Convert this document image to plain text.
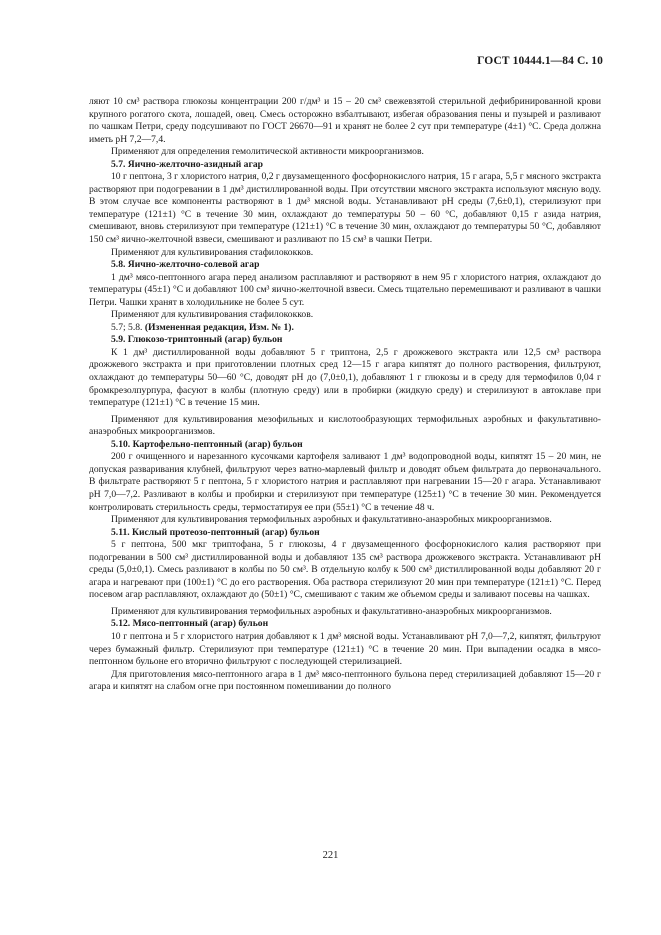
ГОСТ 10444.1—84 С. 10

ляют 10 см³ раствора глюкозы концентрации 200 г/дм³ и 15 – 20 см³ свежевзятой стерильной дефибринированной крови крупного рогатого скота, лошадей, овец. Смесь осторожно взбалтывают, избегая образования пены и пузырей и разливают по чашкам Петри, среду подсушивают по ГОСТ 26670—91 и хранят не более 2 сут при температуре (4±1) °С. Среда должна иметь рН 7,2—7,4.

Применяют для определения гемолитической активности микроорганизмов.

5.7. Яично-желточно-азидный агар

10 г пептона, 3 г хлористого натрия, 0,2 г двузамещенного фосфорнокислого натрия, 15 г агара, 5,5 г мясного экстракта растворяют при подогревании в 1 дм³ дистиллированной воды. При отсутствии мясного экстракта используют мясную воду. В этом случае все компоненты растворяют в 1 дм³ мясной воды. Устанавливают рН среды (7,6±0,1), стерилизуют при температуре (121±1) °С в течение 30 мин, охлаждают до температуры 50 – 60 °С, добавляют 0,15 г азида натрия, смешивают, вновь стерилизуют при температуре (121±1) °С в течение 30 мин, охлаждают до температуры 50 °С, добавляют 150 см³ яично-желточной взвеси, смешивают и разливают по 15 см³ в чашки Петри.

Применяют для культивирования стафилококков.

5.8. Яично-желточно-солевой агар

1 дм³ мясо-пептонного агара перед анализом расплавляют и растворяют в нем 95 г хлористого натрия, охлаждают до температуры (45±1) °С и добавляют 100 см³ яично-желточной взвеси. Смесь тщательно перемешивают и разливают в чашки Петри. Чашки хранят в холодильнике не более 5 сут.

Применяют для культивирования стафилококков.

5.7; 5.8. (Измененная редакция, Изм. № 1).

5.9. Глюкозо-триптонный (агар) бульон

К 1 дм³ дистиллированной воды добавляют 5 г триптона, 2,5 г дрожжевого экстракта или 12,5 см³ раствора дрожжевого экстракта и при приготовлении плотных сред 12—15 г агара кипятят до полного растворения, фильтруют, охлаждают до температуры 50—60 °С, доводят рН до (7,0±0,1), добавляют 1 г глюкозы и в среду для термофилов 0,04 г бромкрезолпурпура, фасуют в колбы (плотную среду) или в пробирки (жидкую среду) и стерилизуют в автоклаве при температуре (121±1) °С в течение 15 мин.

Применяют для культивирования мезофильных и кислотообразующих термофильных аэробных и факультативно-анаэробных микроорганизмов.

5.10. Картофельно-пептонный (агар) бульон

200 г очищенного и нарезанного кусочками картофеля заливают 1 дм³ водопроводной воды, кипятят 15 – 20 мин, не допуская разваривания клубней, фильтруют через ватно-марлевый фильтр и доводят объем фильтрата до первоначального. В фильтрате растворяют 5 г пептона, 5 г хлористого натрия и расплавляют при нагревании 15—20 г агара. Устанавливают рН 7,0—7,2. Разливают в колбы и пробирки и стерилизуют при температуре (125±1) °С в течение 30 мин. Рекомендуется контролировать стерильность среды, термостатируя ее при (55±1) °С в течение 48 ч.

Применяют для культивирования термофильных аэробных и факультативно-анаэробных микроорганизмов.

5.11. Кислый протеозо-пептонный (агар) бульон

5 г пептона, 500 мкг триптофана, 5 г глюкозы, 4 г двузамещенного фосфорнокислого калия растворяют при подогревании в 500 см³ дистиллированной воды и добавляют 135 см³ раствора дрожжевого экстракта. Устанавливают рН среды (5,0±0,1). Смесь разливают в колбы по 50 см³. В отдельную колбу к 500 см³ дистиллированной воды добавляют 20 г агара и нагревают при (100±1) °С до его растворения. Оба раствора стерилизуют 20 мин при температуре (121±1) °С. Перед посевом агар расплавляют, охлаждают до (50±1) °С, смешивают с таким же объемом среды и заливают посевы на чашках.

Применяют для культивирования термофильных аэробных и факультативно-анаэробных микроорганизмов.

5.12. Мясо-пептонный (агар) бульон

10 г пептона и 5 г хлористого натрия добавляют к 1 дм³ мясной воды. Устанавливают рН 7,0—7,2, кипятят, фильтруют через бумажный фильтр. Стерилизуют при температуре (121±1) °С в течение 20 мин. При выпадении осадка в мясо-пептонном бульоне его вторично фильтруют с последующей стерилизацией.

Для приготовления мясо-пептонного агара в 1 дм³ мясо-пептонного бульона перед стерилизацией добавляют 15—20 г агара и кипятят на слабом огне при постоянном помешивании до полного

221
